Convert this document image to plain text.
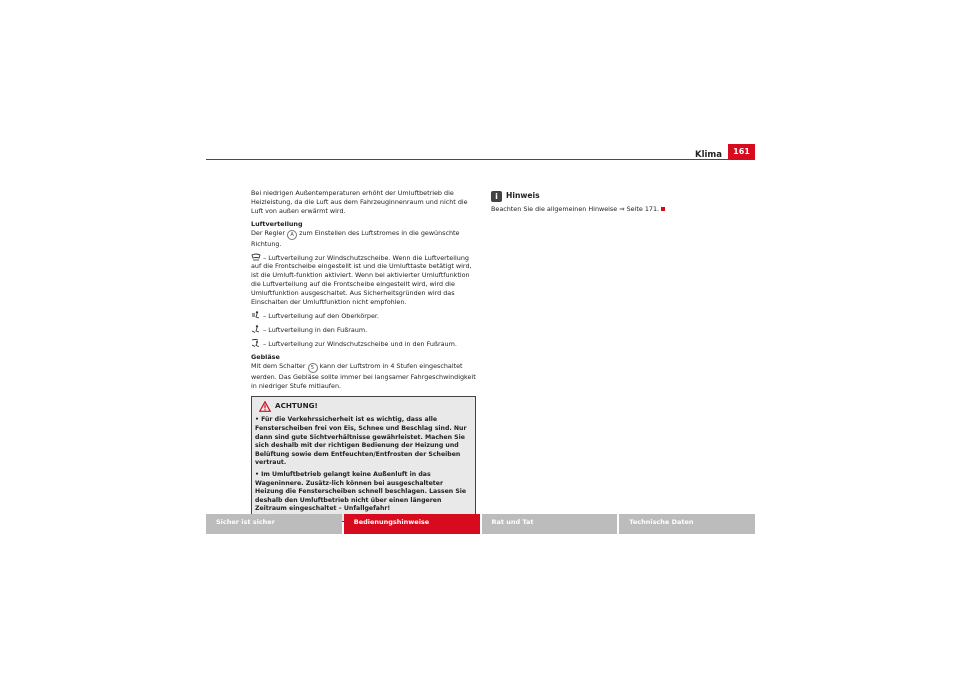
Klima	161

Bei niedrigen Außentemperaturen erhöht der Umluftbetrieb die Heizleistung, da die Luft aus dem Fahrzeuginnenraum und nicht die Luft von außen erwärmt wird.

Luftverteilung

Der Regler A zum Einstellen des Luftstromes in die gewünschte Richtung.

– Luftverteilung zur Windschutzscheibe. Wenn die Luftverteilung auf die Frontscheibe eingestellt ist und die Umlufttaste betätigt wird, ist die Umluft-funktion aktiviert. Wenn bei aktivierter Umluftfunktion die Luftverteilung auf die Frontscheibe eingestellt wird, wird die Umluftfunktion ausgeschaltet. Aus Sicherheitsgründen wird das Einschalten der Umluftfunktion nicht empfohlen.

– Luftverteilung auf den Oberkörper.

– Luftverteilung in den Fußraum.

– Luftverteilung zur Windschutzscheibe und in den Fußraum.

Gebläse

Mit dem Schalter 5 kann der Luftstrom in 4 Stufen eingeschaltet werden. Das Gebläse sollte immer bei langsamer Fahrgeschwindigkeit in niedriger Stufe mitlaufen.

ACHTUNG!

• Für die Verkehrssicherheit ist es wichtig, dass alle Fensterscheiben frei von Eis, Schnee und Beschlag sind. Nur dann sind gute Sichtverhältnisse gewährleistet. Machen Sie sich deshalb mit der richtigen Bedienung der Heizung und Belüftung sowie dem Entfeuchten/Entfrosten der Scheiben vertraut.

• Im Umluftbetrieb gelangt keine Außenluft in das Wageninnere. Zusätz-lich können bei ausgeschalteter Heizung die Fensterscheiben schnell beschlagen. Lassen Sie deshalb den Umluftbetrieb nicht über einen längeren Zeitraum eingeschaltet – Unfallgefahr!

i	Hinweis
Beachten Sie die allgemeinen Hinweise ⇒ Seite 171.
Sicher ist sicher	Bedienungshinweise	Rat und Tat	Technische Daten
